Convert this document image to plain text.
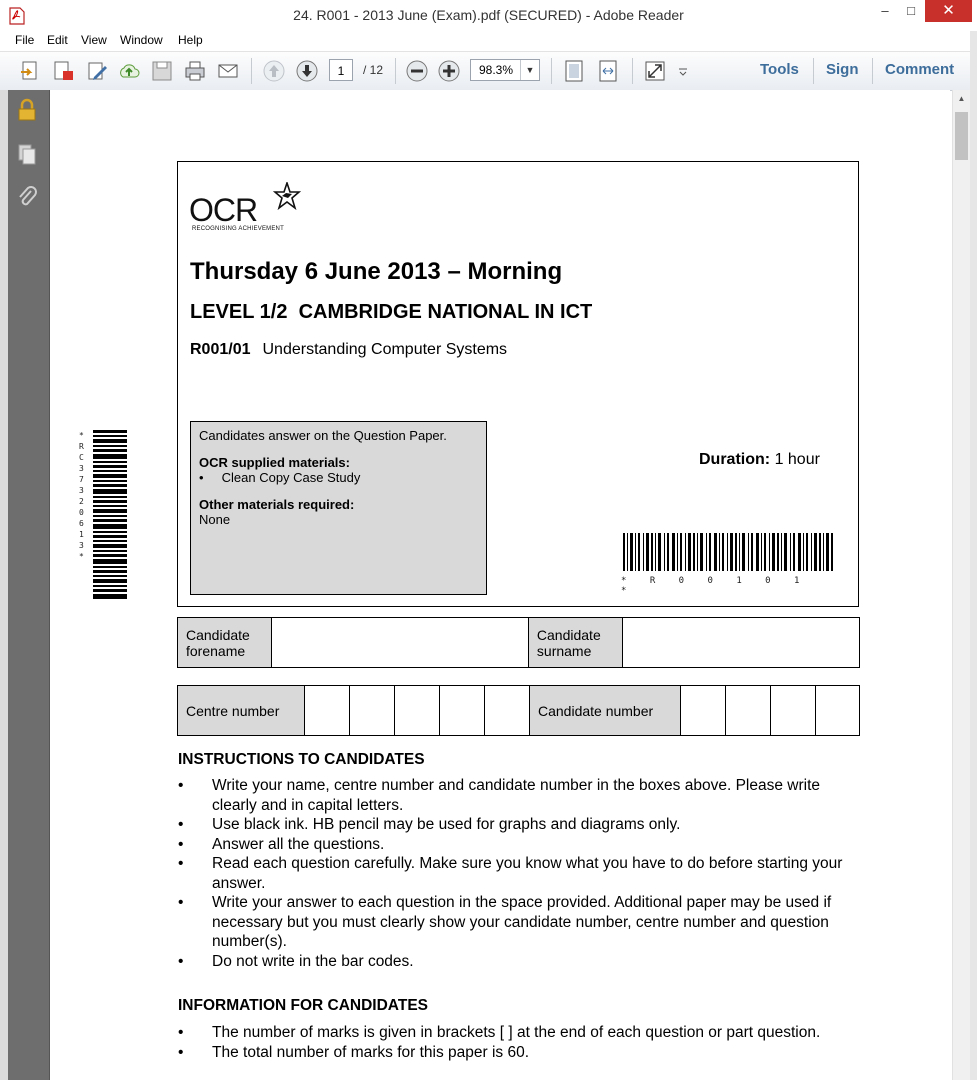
24. R001 - 2013 June (Exam).pdf (SECURED) - Adobe Reader	–	□	✕
File Edit View Window Help
1	/ 12	98.3%	▼	Tools Sign Comment
OCR
RECOGNISING ACHIEVEMENT
Thursday 6 June 2013 – Morning
LEVEL 1/2  CAMBRIDGE NATIONAL IN ICT
R001/01 Understanding Computer Systems
Candidates answer on the Question Paper.
OCR supplied materials:
•     Clean Copy Case Study
Other materials required:
None
Duration: 1 hour
* R 0 0 1 0 1 *
* R C 3 7 3 2 0 6 1 3 *
Candidate forename		Candidate surname	
Centre number						Candidate number				
INSTRUCTIONS TO CANDIDATES
• Write your name, centre number and candidate number in the boxes above. Please write clearly and in capital letters.
• Use black ink. HB pencil may be used for graphs and diagrams only.
• Answer all the questions.
• Read each question carefully. Make sure you know what you have to do before starting your answer.
• Write your answer to each question in the space provided. Additional paper may be used if necessary but you must clearly show your candidate number, centre number and question number(s).
• Do not write in the bar codes.
INFORMATION FOR CANDIDATES
• The number of marks is given in brackets [ ] at the end of each question or part question.
• The total number of marks for this paper is 60.
▲
